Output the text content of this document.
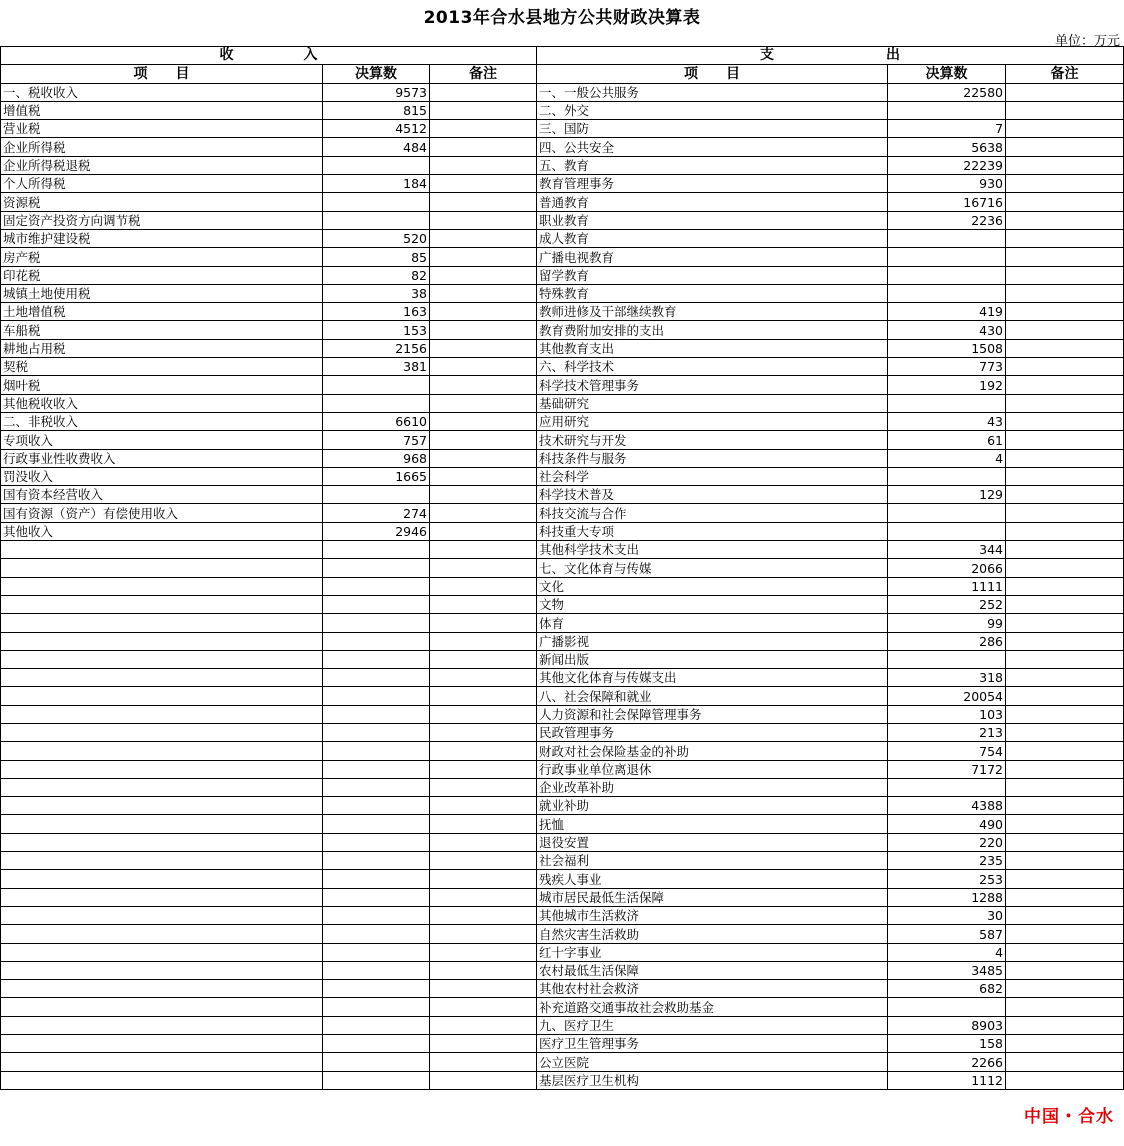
2013年合水县地方公共财政决算表
单位：万元
收　　　　　入			支　　　　　　　　出		
项　　目	决算数	备注	项　　目	决算数	备注
一、税收收入	9573		一、一般公共服务	22580	
增值税	815		二、外交		
营业税	4512		三、国防	7	
企业所得税	484		四、公共安全	5638	
企业所得税退税			五、教育	22239	
个人所得税	184		教育管理事务	930	
资源税			普通教育	16716	
固定资产投资方向调节税			职业教育	2236	
城市维护建设税	520		成人教育		
房产税	85		广播电视教育		
印花税	82		留学教育		
城镇土地使用税	38		特殊教育		
土地增值税	163		教师进修及干部继续教育	419	
车船税	153		教育费附加安排的支出	430	
耕地占用税	2156		其他教育支出	1508	
契税	381		六、科学技术	773	
烟叶税			科学技术管理事务	192	
其他税收收入			基础研究		
二、非税收入	6610		应用研究	43	
专项收入	757		技术研究与开发	61	
行政事业性收费收入	968		科技条件与服务	4	
罚没收入	1665		社会科学		
国有资本经营收入			科学技术普及	129	
国有资源（资产）有偿使用收入	274		科技交流与合作		
其他收入	2946		科技重大专项		
			其他科学技术支出	344	
			七、文化体育与传媒	2066	
			文化	1111	
			文物	252	
			体育	99	
			广播影视	286	
			新闻出版		
			其他文化体育与传媒支出	318	
			八、社会保障和就业	20054	
			人力资源和社会保障管理事务	103	
			民政管理事务	213	
			财政对社会保险基金的补助	754	
			行政事业单位离退休	7172	
			企业改革补助		
			就业补助	4388	
			抚恤	490	
			退役安置	220	
			社会福利	235	
			残疾人事业	253	
			城市居民最低生活保障	1288	
			其他城市生活救济	30	
			自然灾害生活救助	587	
			红十字事业	4	
			农村最低生活保障	3485	
			其他农村社会救济	682	
			补充道路交通事故社会救助基金		
			九、医疗卫生	8903	
			医疗卫生管理事务	158	
			公立医院	2266	
			基层医疗卫生机构	1112	
中国・合水
